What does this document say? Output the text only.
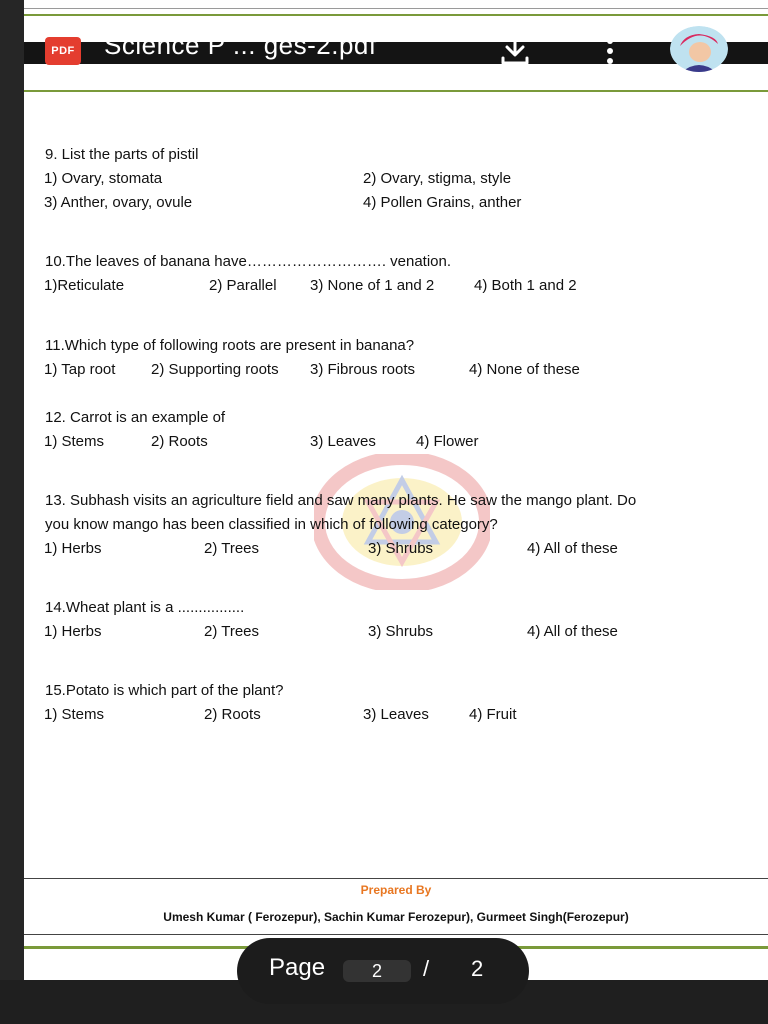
9. List the parts of pistil
1) Ovary, stomata	2) Ovary, stigma, style
3) Anther, ovary, ovule	4) Pollen Grains, anther
10.The leaves of banana have………………………. venation.
1)Reticulate	2) Parallel 3) None of 1 and 2	4) Both 1 and 2
11.Which type of following roots are present in banana?
1) Tap root 2) Supporting roots 3) Fibrous roots	4) None of these
12. Carrot is an example of
1) Stems	2) Roots	3) Leaves	4) Flower
13. Subhash visits an agriculture field and saw many plants. He saw the mango plant. Do
you know mango has been classified in which of following category?
1) Herbs	2) Trees	3) Shrubs	4) All of these
14.Wheat plant is a ................
1) Herbs	2) Trees	3) Shrubs	4) All of these
15.Potato is which part of the plant?
1) Stems	2) Roots	3) Leaves	4) Fruit
Prepared By
Umesh Kumar ( Ferozepur), Sachin Kumar Ferozepur), Gurmeet Singh(Ferozepur)
PDF Science P ... ges-2.pdf
Page	2	/ 2
